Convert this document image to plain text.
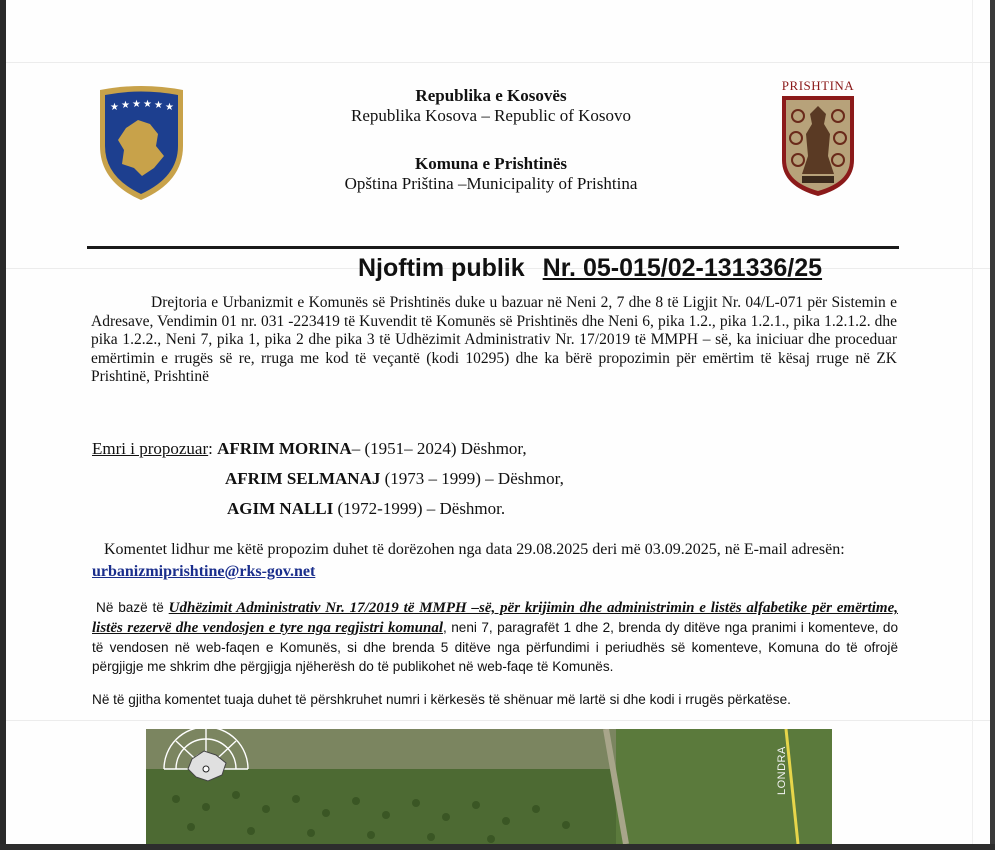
★ ★ ★ ★ ★ ★
Republika e Kosovës
Republika Kosova – Republic of Kosovo
Komuna e Prishtinës
Opština Priština –Municipality of Prishtina
PRISHTINA
Njoftim publik Nr. 05-015/02-131336/25
Drejtoria e Urbanizmit e Komunës së Prishtinës duke u bazuar në Neni 2, 7 dhe 8 të Ligjit Nr. 04/L-071 për Sistemin e Adresave, Vendimin 01 nr. 031 -223419 të Kuvendit të Komunës së Prishtinës dhe Neni 6, pika 1.2., pika 1.2.1., pika 1.2.1.2. dhe pika 1.2.2., Neni 7, pika 1, pika 2 dhe pika 3 të Udhëzimit Administrativ Nr. 17/2019 të MMPH – së, ka iniciuar dhe proceduar emërtimin e rrugës së re, rruga me kod të veçantë (kodi 10295) dhe ka bërë propozimin për emërtim të kësaj rruge në ZK Prishtinë, Prishtinë
Emri i propozuar: AFRIM MORINA– (1951– 2024) Dëshmor,
AFRIM SELMANAJ (1973 – 1999) – Dëshmor,
AGIM NALLI (1972-1999) – Dëshmor.
Komentet lidhur me këtë propozim duhet të dorëzohen nga data 29.08.2025 deri më 03.09.2025, në E-mail adresën: urbanizmiprishtine@rks-gov.net
Në bazë të Udhëzimit Administrativ Nr. 17/2019 të MMPH –së, për krijimin dhe administrimin e listës alfabetike për emërtime, listës rezervë dhe vendosjen e tyre nga regjistri komunal, neni 7, paragrafët 1 dhe 2, brenda dy ditëve nga pranimi i komenteve, do të vendosen në web-faqen e Komunës, si dhe brenda 5 ditëve nga përfundimi i periudhës së komenteve, Komuna do të ofrojë përgjigje me shkrim dhe përgjigja njëherësh do të publikohet në web-faqe të Komunës.
Në të gjitha komentet tuaja duhet të përshkruhet numri i kërkesës të shënuar më lartë si dhe kodi i rrugës përkatëse.
LONDRA
